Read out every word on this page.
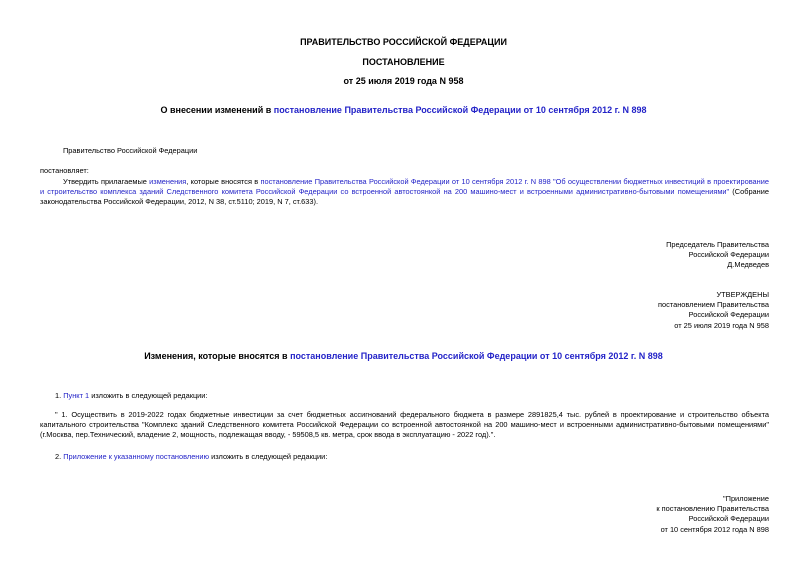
ПРАВИТЕЛЬСТВО РОССИЙСКОЙ ФЕДЕРАЦИИ
ПОСТАНОВЛЕНИЕ
от 25 июля 2019 года N 958
О внесении изменений в постановление Правительства Российской Федерации от 10 сентября 2012 г. N 898
Правительство Российской Федерации
постановляет:
Утвердить прилагаемые изменения, которые вносятся в постановление Правительства Российской Федерации от 10 сентября 2012 г. N 898 "Об осуществлении бюджетных инвестиций в проектирование и строительство комплекса зданий Следственного комитета Российской Федерации со встроенной автостоянкой на 200 машино-мест и встроенными административно-бытовыми помещениями" (Собрание законодательства Российской Федерации, 2012, N 38, ст.5110; 2019, N 7, ст.633).
Председатель Правительства
Российской Федерации
Д.Медведев
УТВЕРЖДЕНЫ
постановлением Правительства
Российской Федерации
от 25 июля 2019 года N 958
Изменения, которые вносятся в постановление Правительства Российской Федерации от 10 сентября 2012 г. N 898
1. Пункт 1 изложить в следующей редакции:
" 1. Осуществить в 2019-2022 годах бюджетные инвестиции за счет бюджетных ассигнований федерального бюджета в размере 2891825,4 тыс. рублей в проектирование и строительство объекта капитального строительства "Комплекс зданий Следственного комитета Российской Федерации со встроенной автостоянкой на 200 машино-мест и встроенными административно-бытовыми помещениями" (г.Москва, пер.Технический, владение 2, мощность, подлежащая вводу, - 59508,5 кв. метра, срок ввода в эксплуатацию - 2022 год).".
2. Приложение к указанному постановлению изложить в следующей редакции:
"Приложение
к постановлению Правительства
Российской Федерации
от 10 сентября 2012 года N 898
